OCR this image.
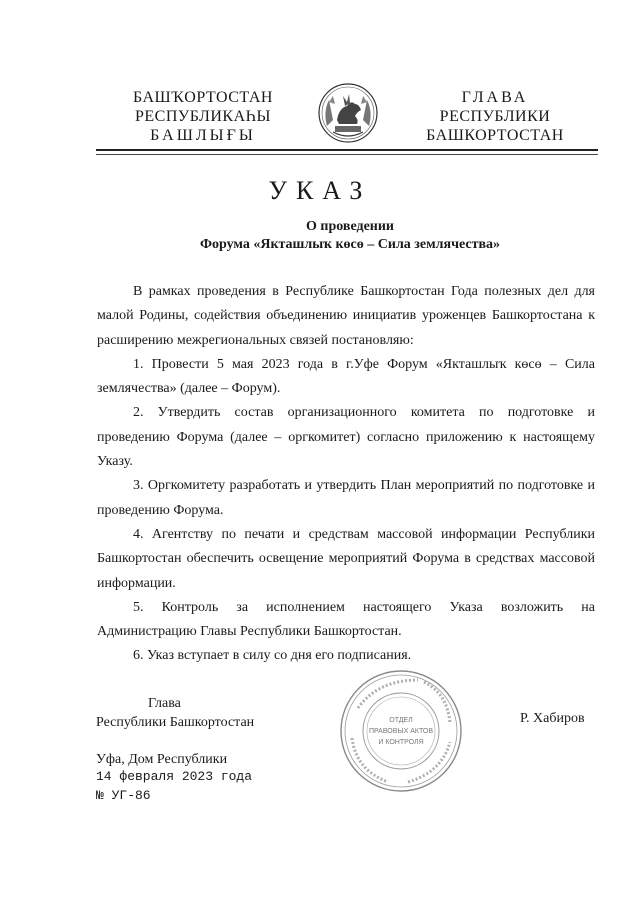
БАШҠОРТОСТАН
РЕСПУБЛИКАҺЫ
БАШЛЫҒЫ
ГЛАВА
РЕСПУБЛИКИ
БАШКОРТОСТАН
УКАЗ
О проведении
Форума «Якташлыҡ көсө – Сила землячества»

В рамках проведения в Республике Башкортостан Года полезных дел для малой Родины, содействия объединению инициатив уроженцев Башкортостана к расширению межрегиональных связей постановляю:

1. Провести 5 мая 2023 года в г.Уфе Форум «Якташлыҡ көсө – Сила землячества» (далее – Форум).

2. Утвердить состав организационного комитета по подготовке и проведению Форума (далее – оргкомитет) согласно приложению к настоящему Указу.

3. Оргкомитету разработать и утвердить План мероприятий по подготовке и проведению Форума.

4. Агентству по печати и средствам массовой информации Республики Башкортостан обеспечить освещение мероприятий Форума в средствах массовой информации.

5. Контроль за исполнением настоящего Указа возложить на Администрацию Главы Республики Башкортостан.

6. Указ вступает в силу со дня его подписания.

Глава
Республики Башкортостан	ОТДЕЛ
ПРАВОВЫХ АКТОВ
И КОНТРОЛЯ
Р. Хабиров
Уфа, Дом Республики
14 февраля 2023 года
№ УГ-86
